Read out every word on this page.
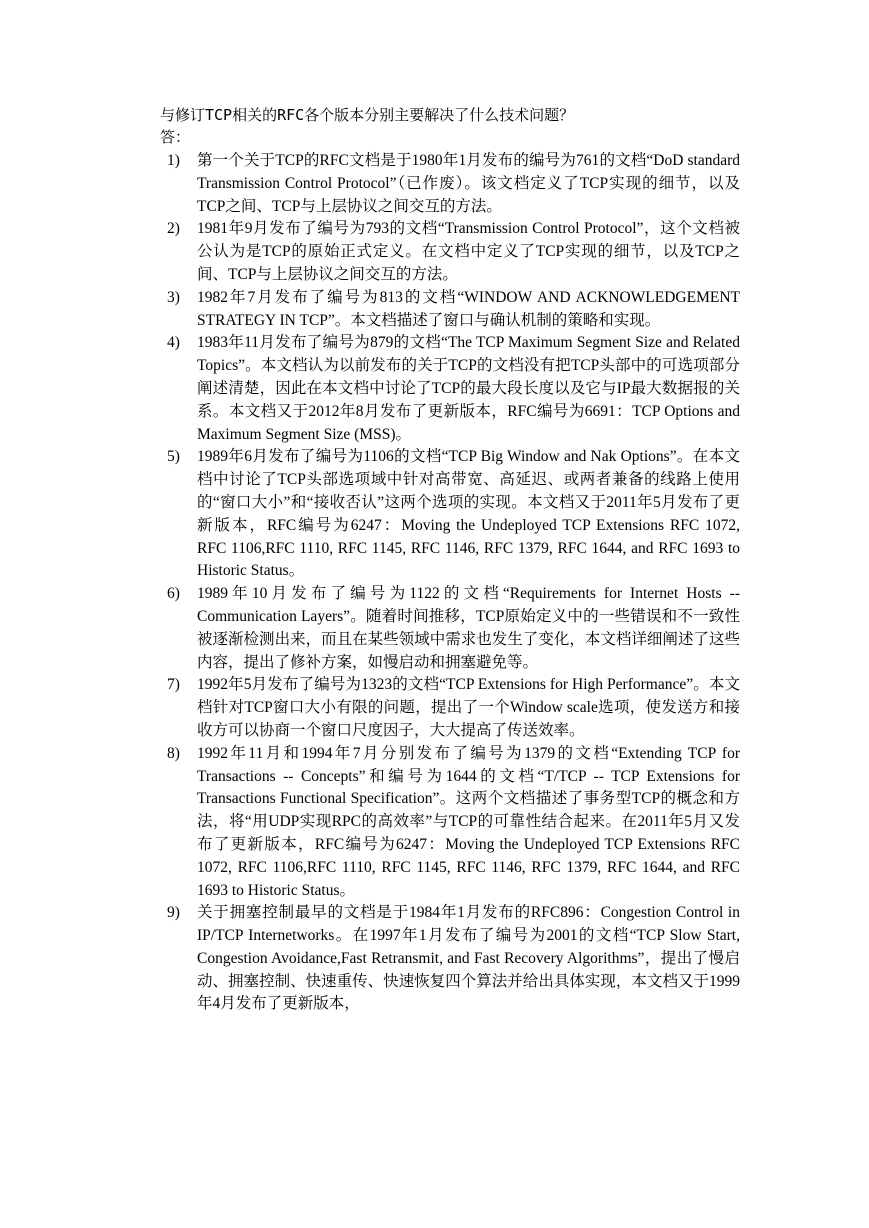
与修订TCP相关的RFC各个版本分别主要解决了什么技术问题？
答：
1)	第一个关于TCP的RFC文档是于1980年1月发布的编号为761的文档“DoD standard Transmission Control Protocol”（已作废）。该文档定义了TCP实现的细节，以及TCP之间、TCP与上层协议之间交互的方法。
2)	1981年9月发布了编号为793的文档“Transmission Control Protocol”，这个文档被公认为是TCP的原始正式定义。在文档中定义了TCP实现的细节，以及TCP之间、TCP与上层协议之间交互的方法。
3)	1982年7月发布了编号为813的文档“WINDOW AND ACKNOWLEDGEMENT STRATEGY IN TCP”。本文档描述了窗口与确认机制的策略和实现。
4)	1983年11月发布了编号为879的文档“The TCP Maximum Segment Size and Related Topics”。本文档认为以前发布的关于TCP的文档没有把TCP头部中的可选项部分阐述清楚，因此在本文档中讨论了TCP的最大段长度以及它与IP最大数据报的关系。本文档又于2012年8月发布了更新版本，RFC编号为6691：TCP Options and Maximum Segment Size (MSS)。
5)	1989年6月发布了编号为1106的文档“TCP Big Window and Nak Options”。在本文档中讨论了TCP头部选项域中针对高带宽、高延迟、或两者兼备的线路上使用的“窗口大小”和“接收否认”这两个选项的实现。本文档又于2011年5月发布了更新版本，RFC编号为6247：Moving the Undeployed TCP Extensions RFC 1072, RFC 1106,RFC 1110, RFC 1145, RFC 1146, RFC 1379, RFC 1644, and RFC 1693 to Historic Status。
6)	1989年10月发布了编号为1122的文档“Requirements for Internet Hosts -- Communication Layers”。随着时间推移，TCP原始定义中的一些错误和不一致性被逐渐检测出来，而且在某些领域中需求也发生了变化，本文档详细阐述了这些内容，提出了修补方案，如慢启动和拥塞避免等。
7)	1992年5月发布了编号为1323的文档“TCP Extensions for High Performance”。本文档针对TCP窗口大小有限的问题，提出了一个Window scale选项，使发送方和接收方可以协商一个窗口尺度因子，大大提高了传送效率。
8)	1992年11月和1994年7月分别发布了编号为1379的文档“Extending TCP for Transactions -- Concepts”和编号为1644的文档“T/TCP -- TCP Extensions for Transactions Functional Specification”。这两个文档描述了事务型TCP的概念和方法，将“用UDP实现RPC的高效率”与TCP的可靠性结合起来。在2011年5月又发布了更新版本，RFC编号为6247：Moving the Undeployed TCP Extensions RFC 1072, RFC 1106,RFC 1110, RFC 1145, RFC 1146, RFC 1379, RFC 1644, and RFC 1693 to Historic Status。
9)	关于拥塞控制最早的文档是于1984年1月发布的RFC896：Congestion Control in IP/TCP Internetworks。在1997年1月发布了编号为2001的文档“TCP Slow Start, Congestion Avoidance,Fast Retransmit, and Fast Recovery Algorithms”，提出了慢启动、拥塞控制、快速重传、快速恢复四个算法并给出具体实现，本文档又于1999年4月发布了更新版本，
